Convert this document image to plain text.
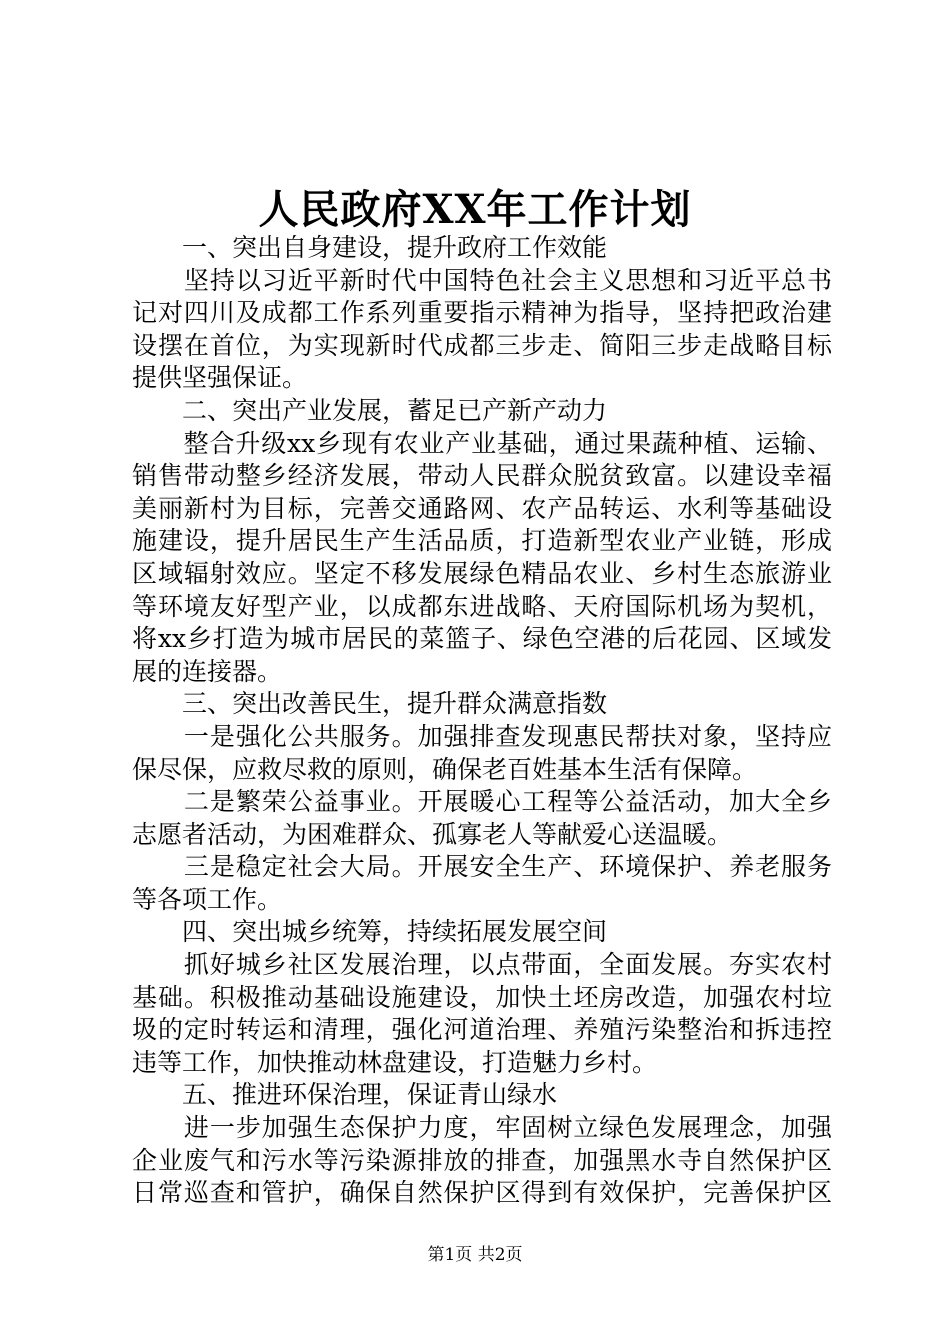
人民政府XX年工作计划
　　一、突出自身建设，提升政府工作效能
　　坚持以习近平新时代中国特色社会主义思想和习近平总书
记对四川及成都工作系列重要指示精神为指导，坚持把政治建
设摆在首位，为实现新时代成都三步走、简阳三步走战略目标
提供坚强保证。
　　二、突出产业发展，蓄足已产新产动力
　　整合升级xx乡现有农业产业基础，通过果蔬种植、运输、
销售带动整乡经济发展，带动人民群众脱贫致富。以建设幸福
美丽新村为目标，完善交通路网、农产品转运、水利等基础设
施建设，提升居民生产生活品质，打造新型农业产业链，形成
区域辐射效应。坚定不移发展绿色精品农业、乡村生态旅游业
等环境友好型产业，以成都东进战略、天府国际机场为契机，
将xx乡打造为城市居民的菜篮子、绿色空港的后花园、区域发
展的连接器。
　　三、突出改善民生，提升群众满意指数
　　一是强化公共服务。加强排查发现惠民帮扶对象，坚持应
保尽保，应救尽救的原则，确保老百姓基本生活有保障。
　　二是繁荣公益事业。开展暖心工程等公益活动，加大全乡
志愿者活动，为困难群众、孤寡老人等献爱心送温暖。
　　三是稳定社会大局。开展安全生产、环境保护、养老服务
等各项工作。
　　四、突出城乡统筹，持续拓展发展空间
　　抓好城乡社区发展治理，以点带面，全面发展。夯实农村
基础。积极推动基础设施建设，加快土坯房改造，加强农村垃
圾的定时转运和清理，强化河道治理、养殖污染整治和拆违控
违等工作，加快推动林盘建设，打造魅力乡村。
　　五、推进环保治理，保证青山绿水
　　进一步加强生态保护力度，牢固树立绿色发展理念，加强
企业废气和污水等污染源排放的排查，加强黑水寺自然保护区
日常巡查和管护，确保自然保护区得到有效保护，完善保护区
第1页 共2页
